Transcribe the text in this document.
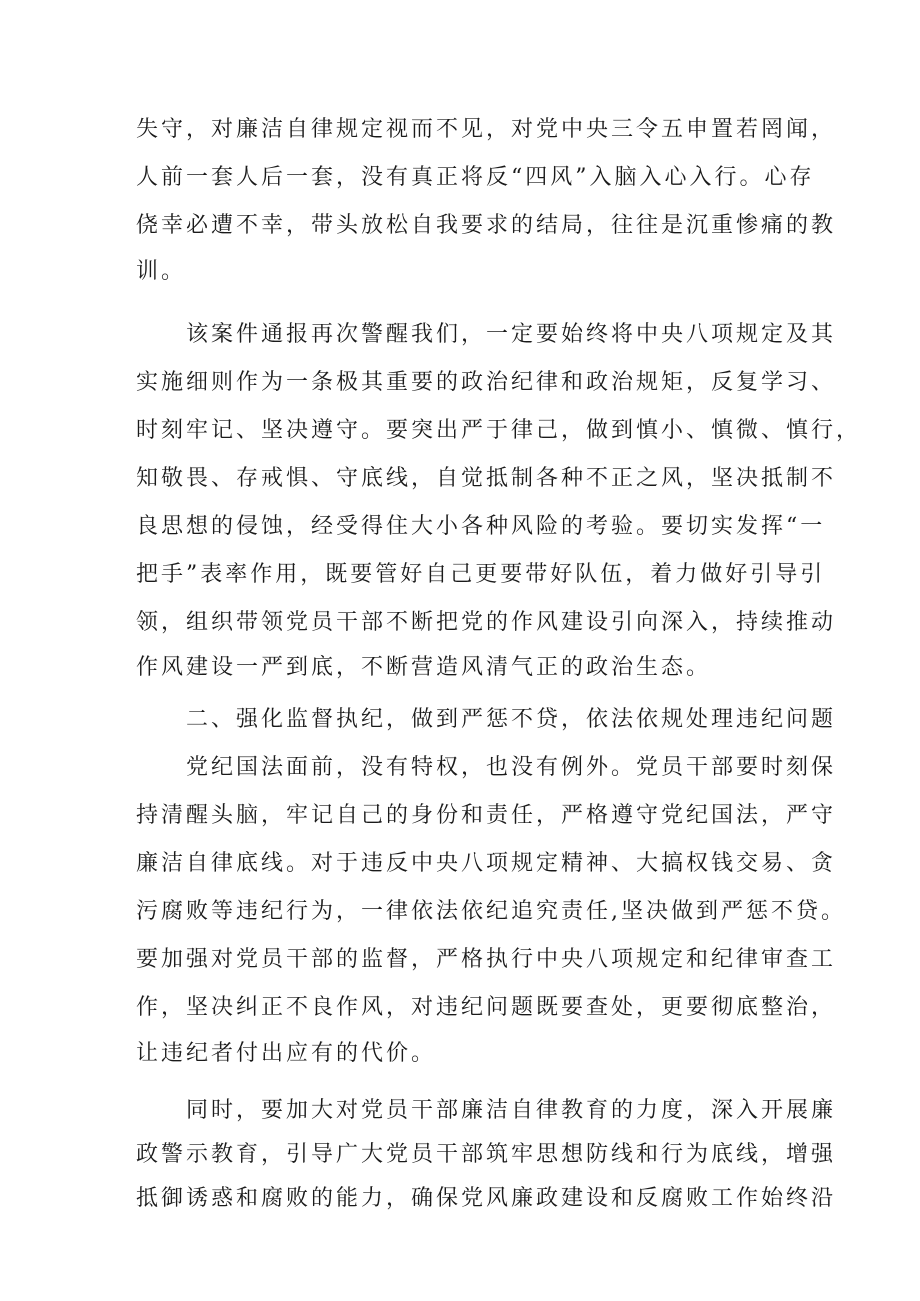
失守，对廉洁自律规定视而不见，对党中央三令五申置若罔闻，
人前一套人后一套，没有真正将反“四风”入脑入心入行。心存
侥幸必遭不幸，带头放松自我要求的结局，往往是沉重惨痛的教
训。
该案件通报再次警醒我们，一定要始终将中央八项规定及其
实施细则作为一条极其重要的政治纪律和政治规矩，反复学习、
时刻牢记、坚决遵守。要突出严于律己，做到慎小、慎微、慎行，
知敬畏、存戒惧、守底线，自觉抵制各种不正之风，坚决抵制不
良思想的侵蚀，经受得住大小各种风险的考验。要切实发挥“一
把手”表率作用，既要管好自己更要带好队伍，着力做好引导引
领，组织带领党员干部不断把党的作风建设引向深入，持续推动
作风建设一严到底，不断营造风清气正的政治生态。
二、强化监督执纪，做到严惩不贷，依法依规处理违纪问题
党纪国法面前，没有特权，也没有例外。党员干部要时刻保
持清醒头脑，牢记自己的身份和责任，严格遵守党纪国法，严守
廉洁自律底线。对于违反中央八项规定精神、大搞权钱交易、贪
污腐败等违纪行为，一律依法依纪追究责任,坚决做到严惩不贷。
要加强对党员干部的监督，严格执行中央八项规定和纪律审查工
作，坚决纠正不良作风，对违纪问题既要查处，更要彻底整治，
让违纪者付出应有的代价。
同时，要加大对党员干部廉洁自律教育的力度，深入开展廉
政警示教育，引导广大党员干部筑牢思想防线和行为底线，增强
抵御诱惑和腐败的能力，确保党风廉政建设和反腐败工作始终沿
